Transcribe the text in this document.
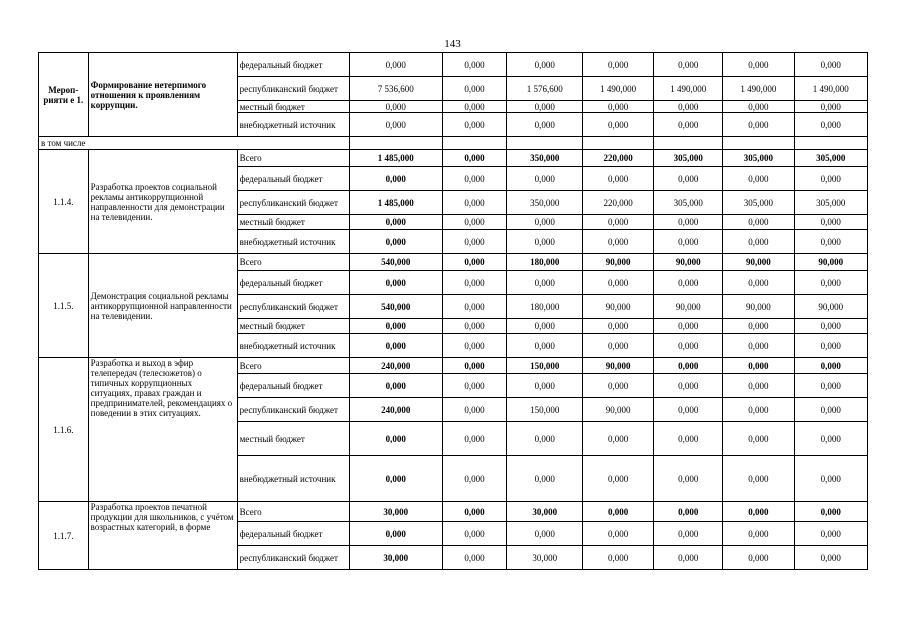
143
Мероприяти е 1.	Формирование нетерпимого отношения к проявлениям коррупции.	федеральный бюджет	0,000	0,000	0,000	0,000	0,000	0,000	0,000
		республиканский бюджет	7 536,600	0,000	1 576,600	1 490,000	1 490,000	1 490,000	1 490,000
		местный бюджет	0,000	0,000	0,000	0,000	0,000	0,000	0,000
		внебюджетный источник	0,000	0,000	0,000	0,000	0,000	0,000	0,000
в том числе									
1.1.4.	Разработка проектов социальной рекламы антикоррупционной направленности для демонстрации на телевидении.	Всего	1 485,000	0,000	350,000	220,000	305,000	305,000	305,000
		федеральный бюджет	0,000	0,000	0,000	0,000	0,000	0,000	0,000
		республиканский бюджет	1 485,000	0,000	350,000	220,000	305,000	305,000	305,000
		местный бюджет	0,000	0,000	0,000	0,000	0,000	0,000	0,000
		внебюджетный источник	0,000	0,000	0,000	0,000	0,000	0,000	0,000
1.1.5.	Демонстрация социальной рекламы антикоррупционной направленности на телевидении.	Всего	540,000	0,000	180,000	90,000	90,000	90,000	90,000
		федеральный бюджет	0,000	0,000	0,000	0,000	0,000	0,000	0,000
		республиканский бюджет	540,000	0,000	180,000	90,000	90,000	90,000	90,000
		местный бюджет	0,000	0,000	0,000	0,000	0,000	0,000	0,000
		внебюджетный источник	0,000	0,000	0,000	0,000	0,000	0,000	0,000
1.1.6.	Разработка и выход в эфир телепередач (телесюжетов) о типичных коррупционных ситуациях, правах граждан и предпринимателей, рекомендациях о поведении в этих ситуациях.	Всего	240,000	0,000	150,000	90,000	0,000	0,000	0,000
		федеральный бюджет	0,000	0,000	0,000	0,000	0,000	0,000	0,000
		республиканский бюджет	240,000	0,000	150,000	90,000	0,000	0,000	0,000
		местный бюджет	0,000	0,000	0,000	0,000	0,000	0,000	0,000
		внебюджетный источник	0,000	0,000	0,000	0,000	0,000	0,000	0,000
1.1.7.	Разработка проектов печатной продукции для школьников, с учётом возрастных категорий, в форме	Всего	30,000	0,000	30,000	0,000	0,000	0,000	0,000
		федеральный бюджет	0,000	0,000	0,000	0,000	0,000	0,000	0,000
		республиканский бюджет	30,000	0,000	30,000	0,000	0,000	0,000	0,000
